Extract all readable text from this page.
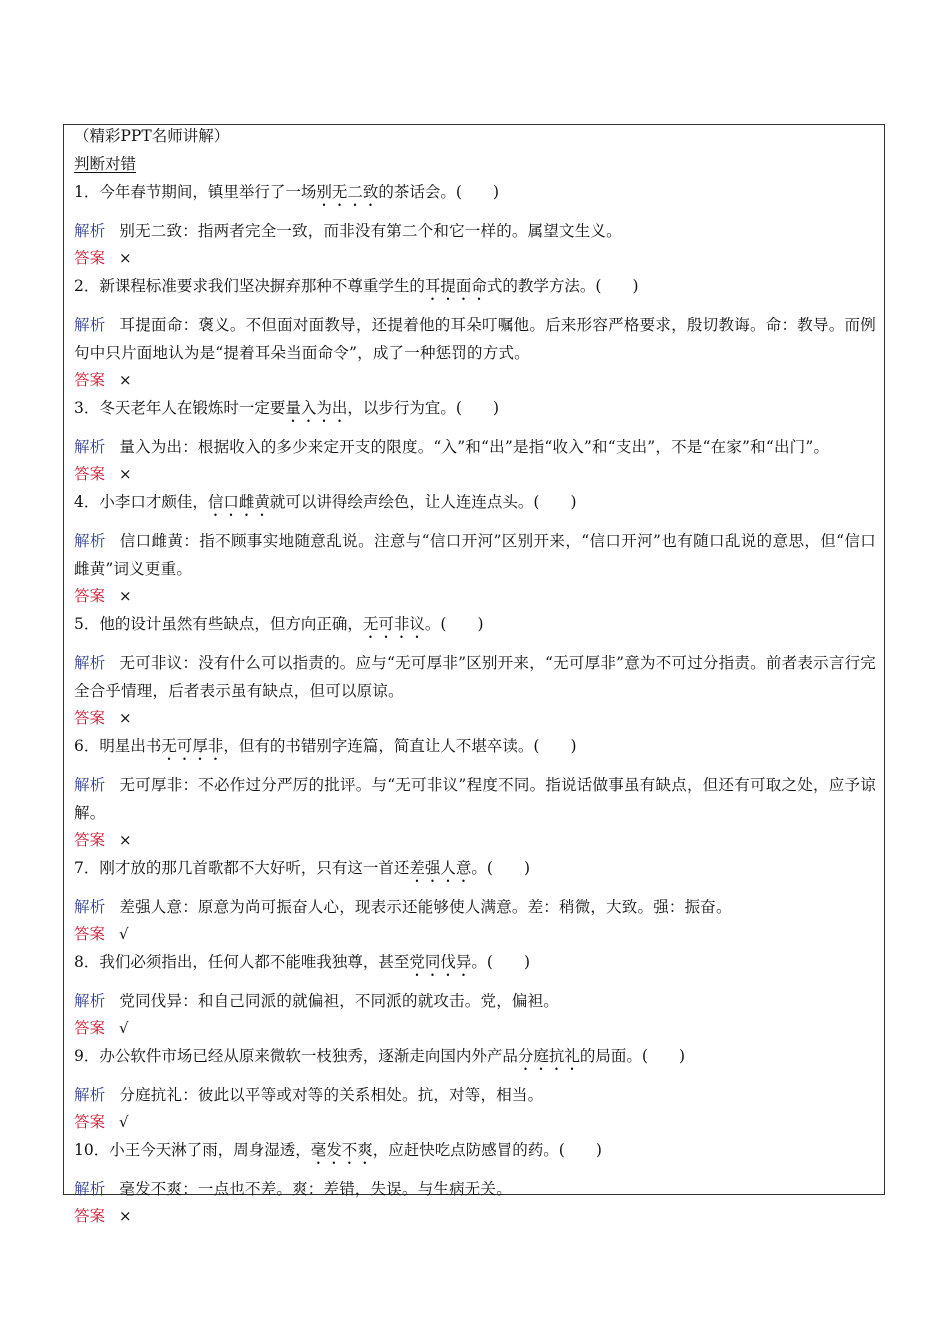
（精彩PPT名师讲解）
判断对错
1．今年春节期间，镇里举行了一场别无二致的茶话会。(　　)
解析 别无二致：指两者完全一致，而非没有第二个和它一样的。属望文生义。
答案 ×
2．新课程标准要求我们坚决摒弃那种不尊重学生的耳提面命式的教学方法。(　　)
解析 耳提面命：褒义。不但面对面教导，还提着他的耳朵叮嘱他。后来形容严格要求，殷切教诲。命：教导。而例句中只片面地认为是“提着耳朵当面命令”，成了一种惩罚的方式。
答案 ×
3．冬天老年人在锻炼时一定要量入为出，以步行为宜。(　　)
解析 量入为出：根据收入的多少来定开支的限度。“入”和“出”是指“收入”和“支出”，不是“在家”和“出门”。
答案 ×
4．小李口才颇佳，信口雌黄就可以讲得绘声绘色，让人连连点头。(　　)
解析 信口雌黄：指不顾事实地随意乱说。注意与“信口开河”区别开来，“信口开河”也有随口乱说的意思，但“信口雌黄”词义更重。
答案 ×
5．他的设计虽然有些缺点，但方向正确，无可非议。(　　)
解析 无可非议：没有什么可以指责的。应与“无可厚非”区别开来，“无可厚非”意为不可过分指责。前者表示言行完全合乎情理，后者表示虽有缺点，但可以原谅。
答案 ×
6．明星出书无可厚非，但有的书错别字连篇，简直让人不堪卒读。(　　)
解析 无可厚非：不必作过分严厉的批评。与“无可非议”程度不同。指说话做事虽有缺点，但还有可取之处，应予谅解。
答案 ×
7．刚才放的那几首歌都不大好听，只有这一首还差强人意。(　　)
解析 差强人意：原意为尚可振奋人心，现表示还能够使人满意。差：稍微，大致。强：振奋。
答案 √
8．我们必须指出，任何人都不能唯我独尊，甚至党同伐异。(　　)
解析 党同伐异：和自己同派的就偏袒，不同派的就攻击。党，偏袒。
答案 √
9．办公软件市场已经从原来微软一枝独秀，逐渐走向国内外产品分庭抗礼的局面。(　　)
解析 分庭抗礼：彼此以平等或对等的关系相处。抗，对等，相当。
答案 √
10．小王今天淋了雨，周身湿透，毫发不爽，应赶快吃点防感冒的药。(　　)
解析 毫发不爽：一点也不差。爽：差错，失误。与生病无关。
答案 ×
